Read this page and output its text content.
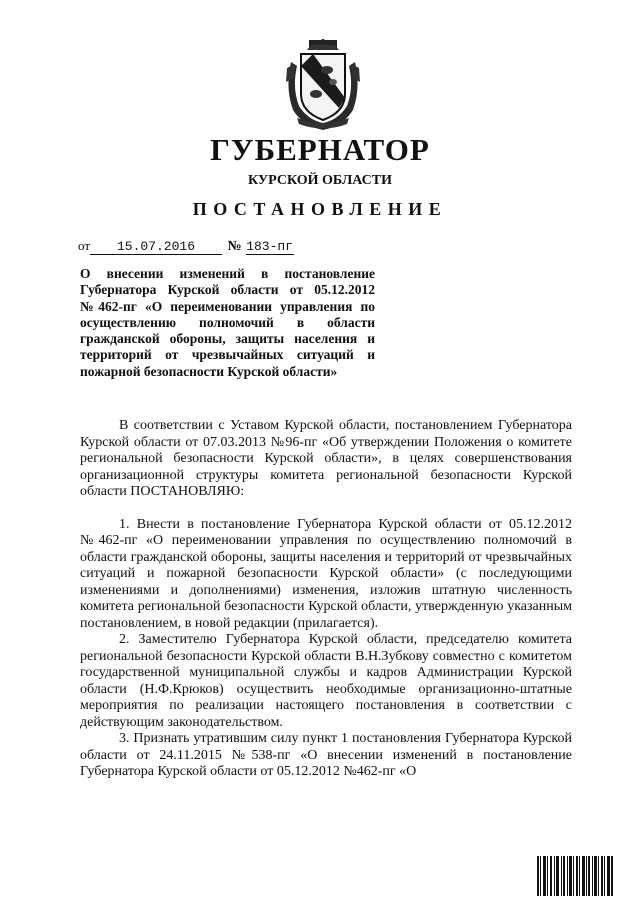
ГУБЕРНАТОР
КУРСКОЙ ОБЛАСТИ
ПОСТАНОВЛЕНИЕ
от 15.07.2016 № 183-пг
О внесении изменений в постановление Губернатора Курской области от 05.12.2012 №462-пг «О переименовании управления по осуществлению полномочий в области гражданской обороны, защиты населения и территорий от чрезвычайных ситуаций и пожарной безопасности Курской области»

В соответствии с Уставом Курской области, постановлением Губернатора Курской области от 07.03.2013 №96-пг «Об утверждении Положения о комитете региональной безопасности Курской области», в целях совершенствования организационной структуры комитета региональной безопасности Курской области ПОСТАНОВЛЯЮ:

1. Внести в постановление Губернатора Курской области от 05.12.2012 №462-пг «О переименовании управления по осуществлению полномочий в области гражданской обороны, защиты населения и территорий от чрезвычайных ситуаций и пожарной безопасности Курской области» (с последующими изменениями и дополнениями) изменения, изложив штатную численность комитета региональной безопасности Курской области, утвержденную указанным постановлением, в новой редакции (прилагается).

2. Заместителю Губернатора Курской области, председателю комитета региональной безопасности Курской области В.Н.Зубкову совместно с комитетом государственной муниципальной службы и кадров Администрации Курской области (Н.Ф.Крюков) осуществить необходимые организационно-штатные мероприятия по реализации настоящего постановления в соответствии с действующим законодательством.

3. Признать утратившим силу пункт 1 постановления Губернатора Курской области от 24.11.2015 №538-пг «О внесении изменений в постановление Губернатора Курской области от 05.12.2012 №462-пг «О
